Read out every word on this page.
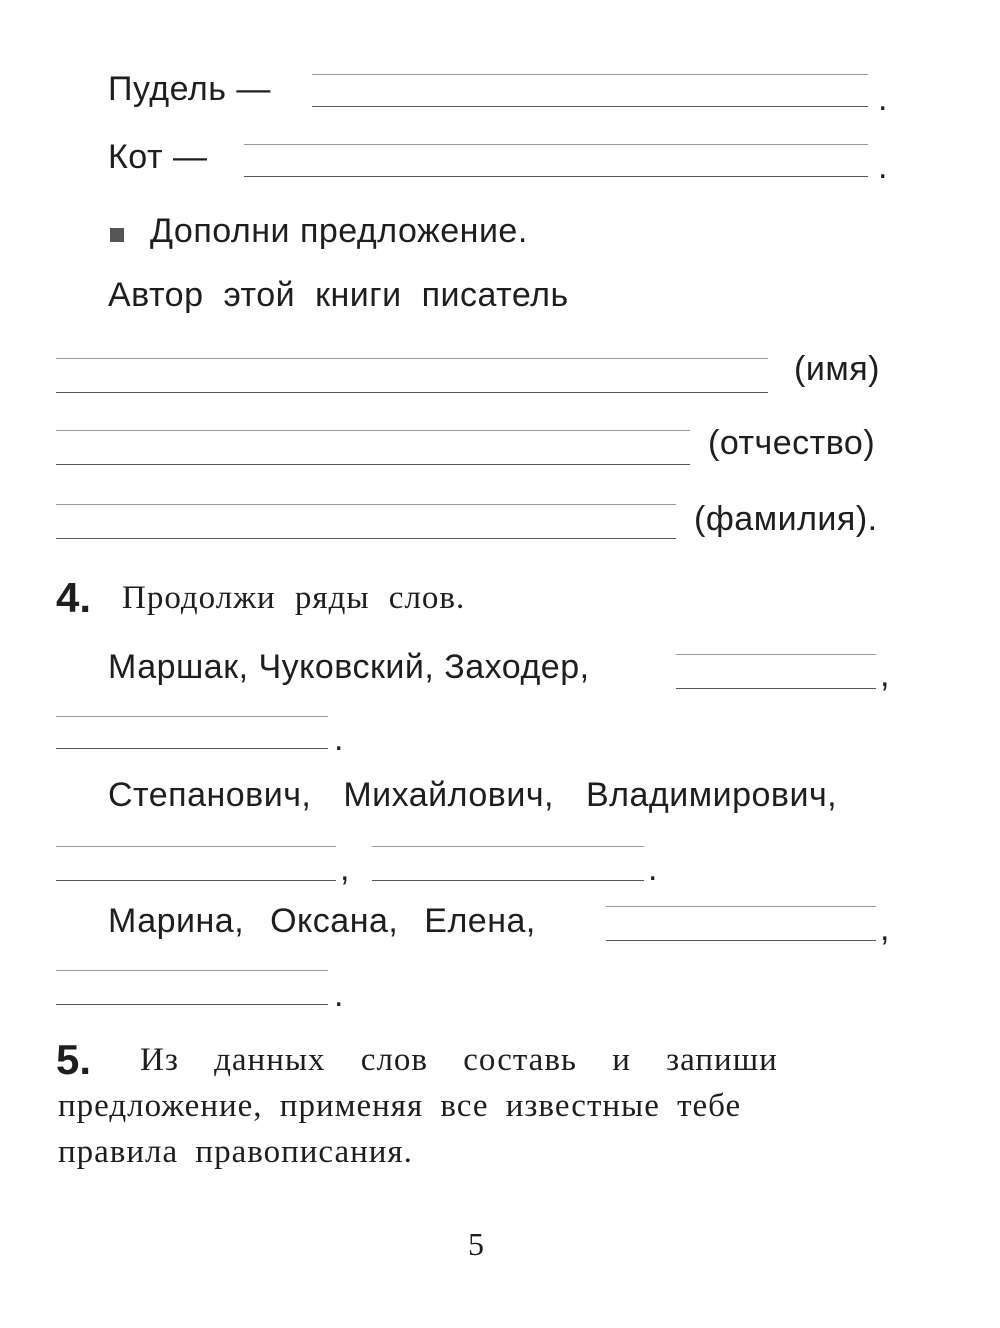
Пудель —	.
Кот —	.
Дополни предложение.
Автор этой книги писатель
(имя)
(отчество)
(фамилия).
4. Продолжи ряды слов.
Маршак, Чуковский, Заходер,	,
.
Степанович, Михайлович, Владимирович,
,	.
Марина, Оксана, Елена,	,
.
5. Из данных слов составь и запиши
предложение, применяя все известные тебе
правила правописания.
5
